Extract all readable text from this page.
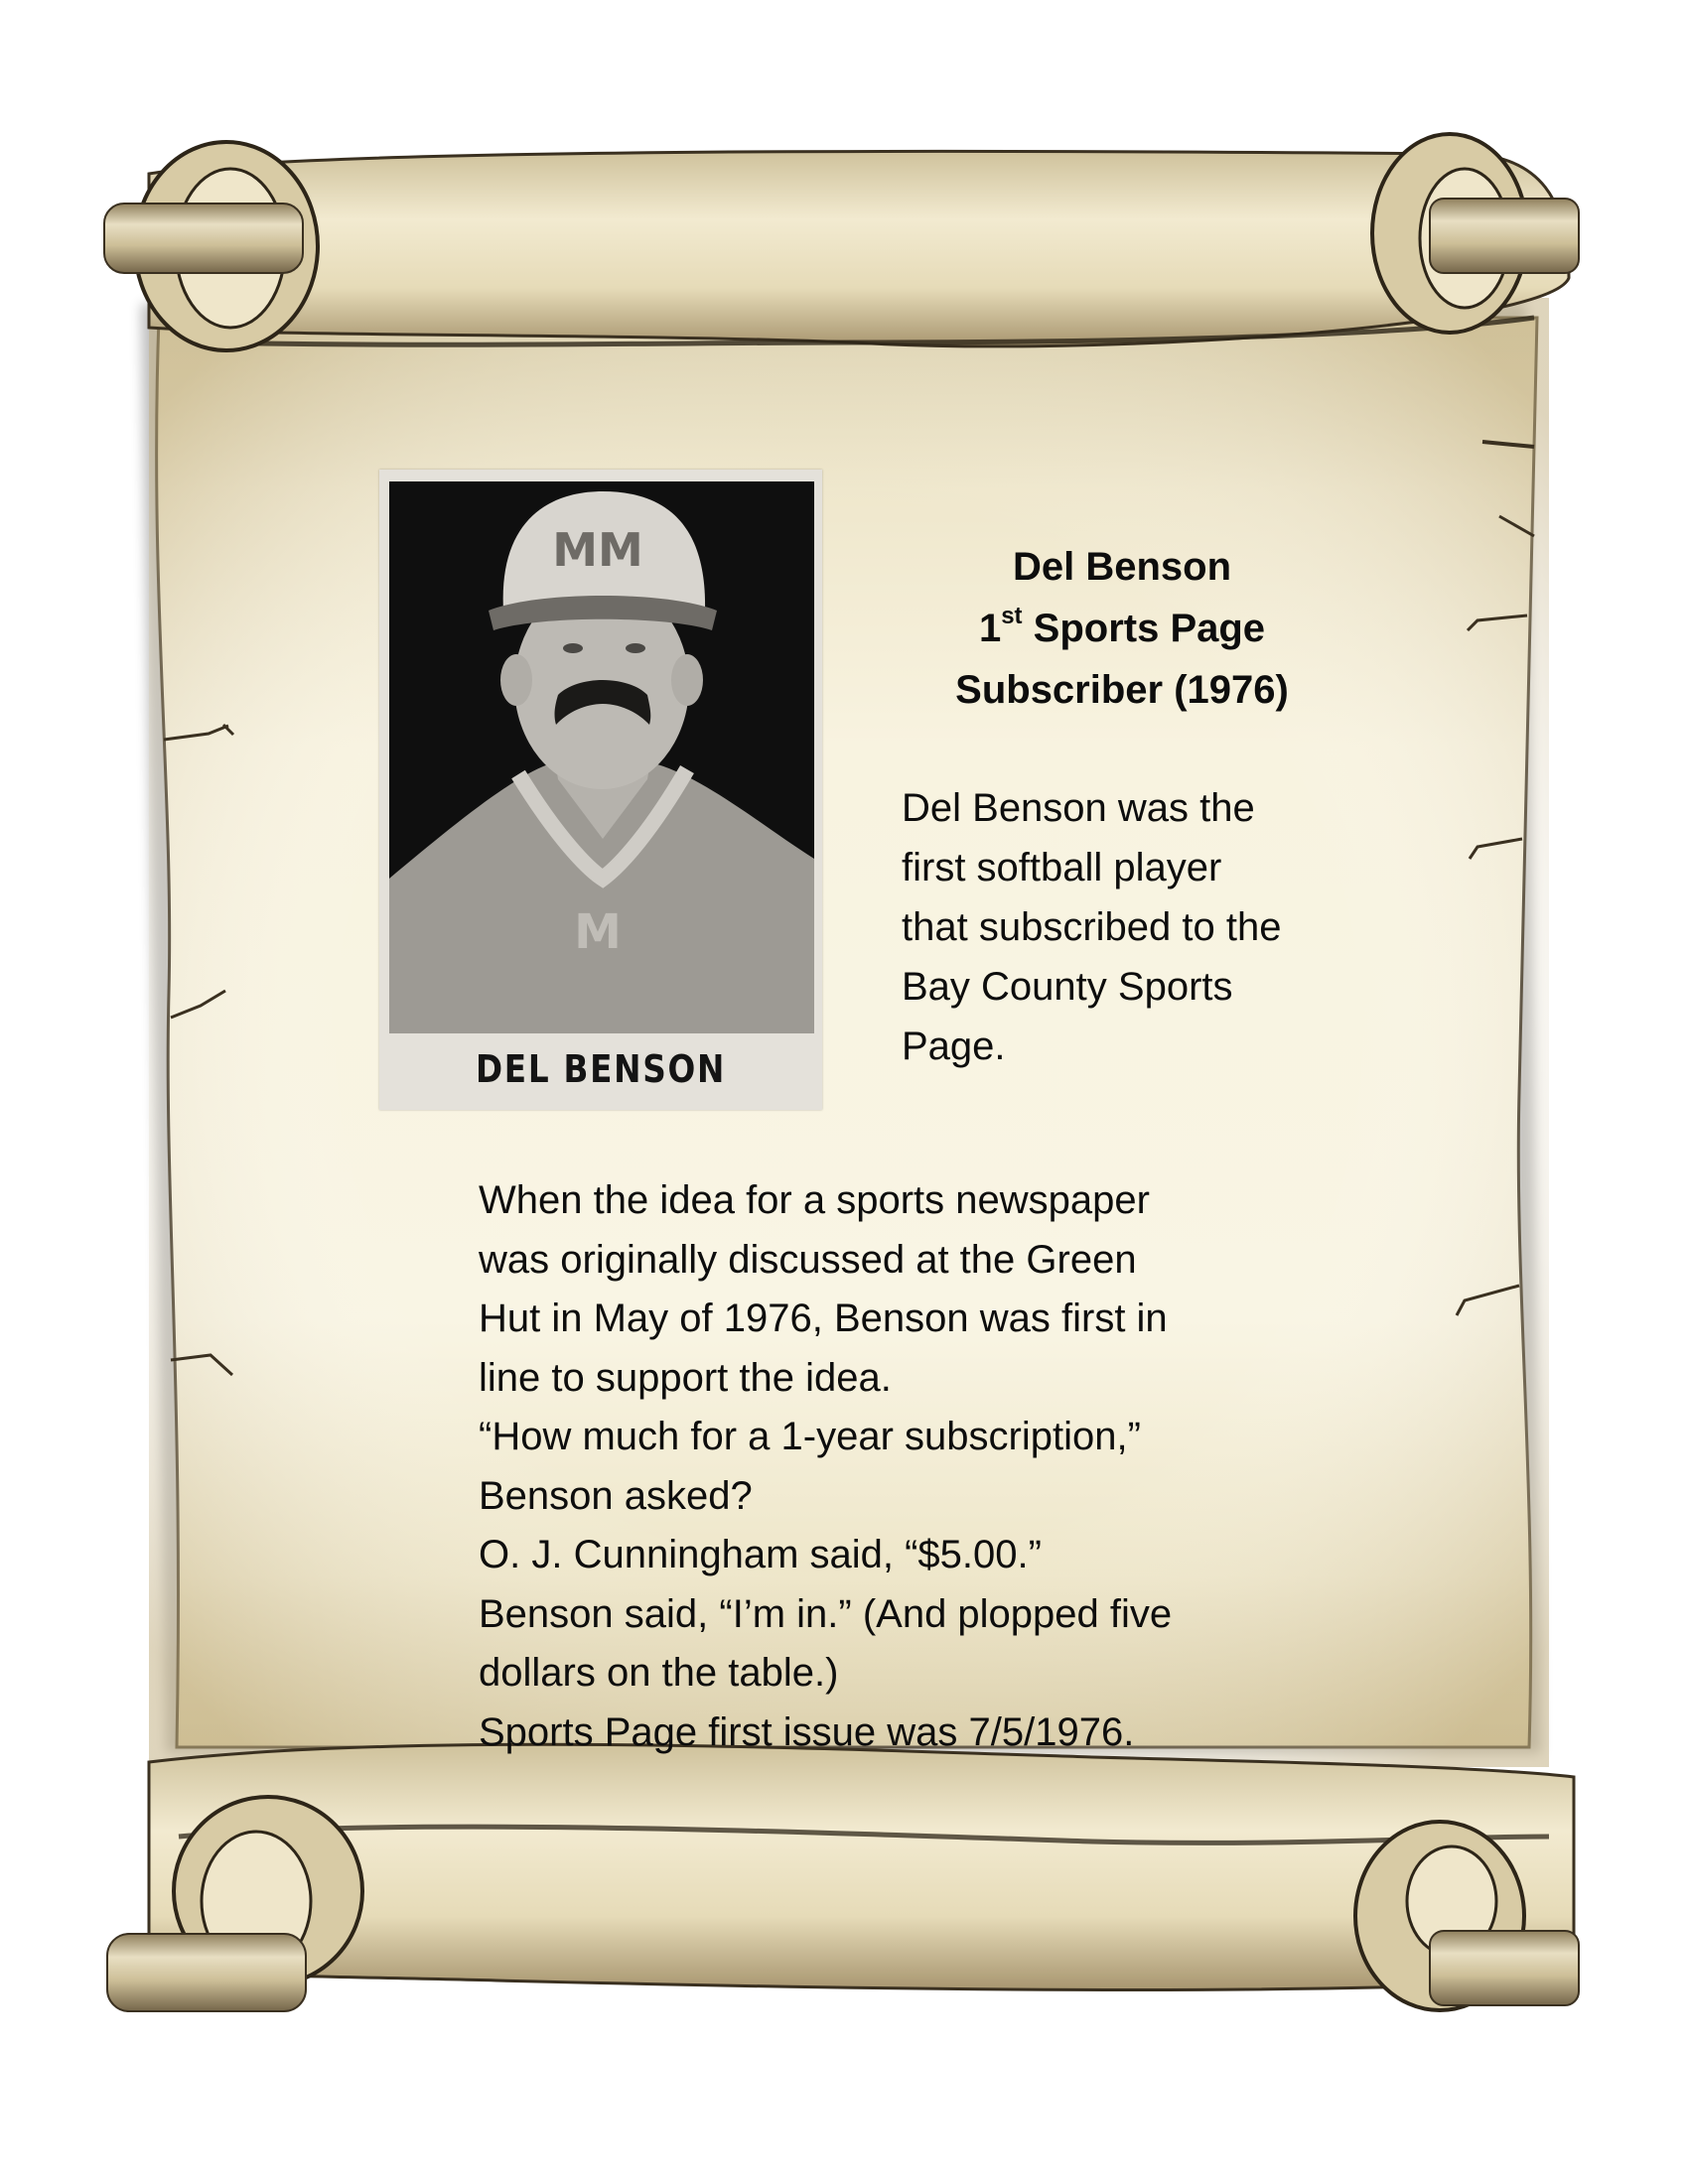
M
MM
DEL BENSON
Del Benson
1st Sports Page
Subscriber (1976)
Del Benson was the
first softball player
that subscribed to the
Bay County Sports
Page.
When the idea for a sports newspaper
was originally discussed at the Green
Hut in May of 1976, Benson was first in
line to support the idea.
“How much for a 1-year subscription,”
Benson asked?
O. J. Cunningham said, “$5.00.”
Benson said, “I’m in.” (And plopped five
dollars on the table.)
Sports Page first issue was 7/5/1976.
